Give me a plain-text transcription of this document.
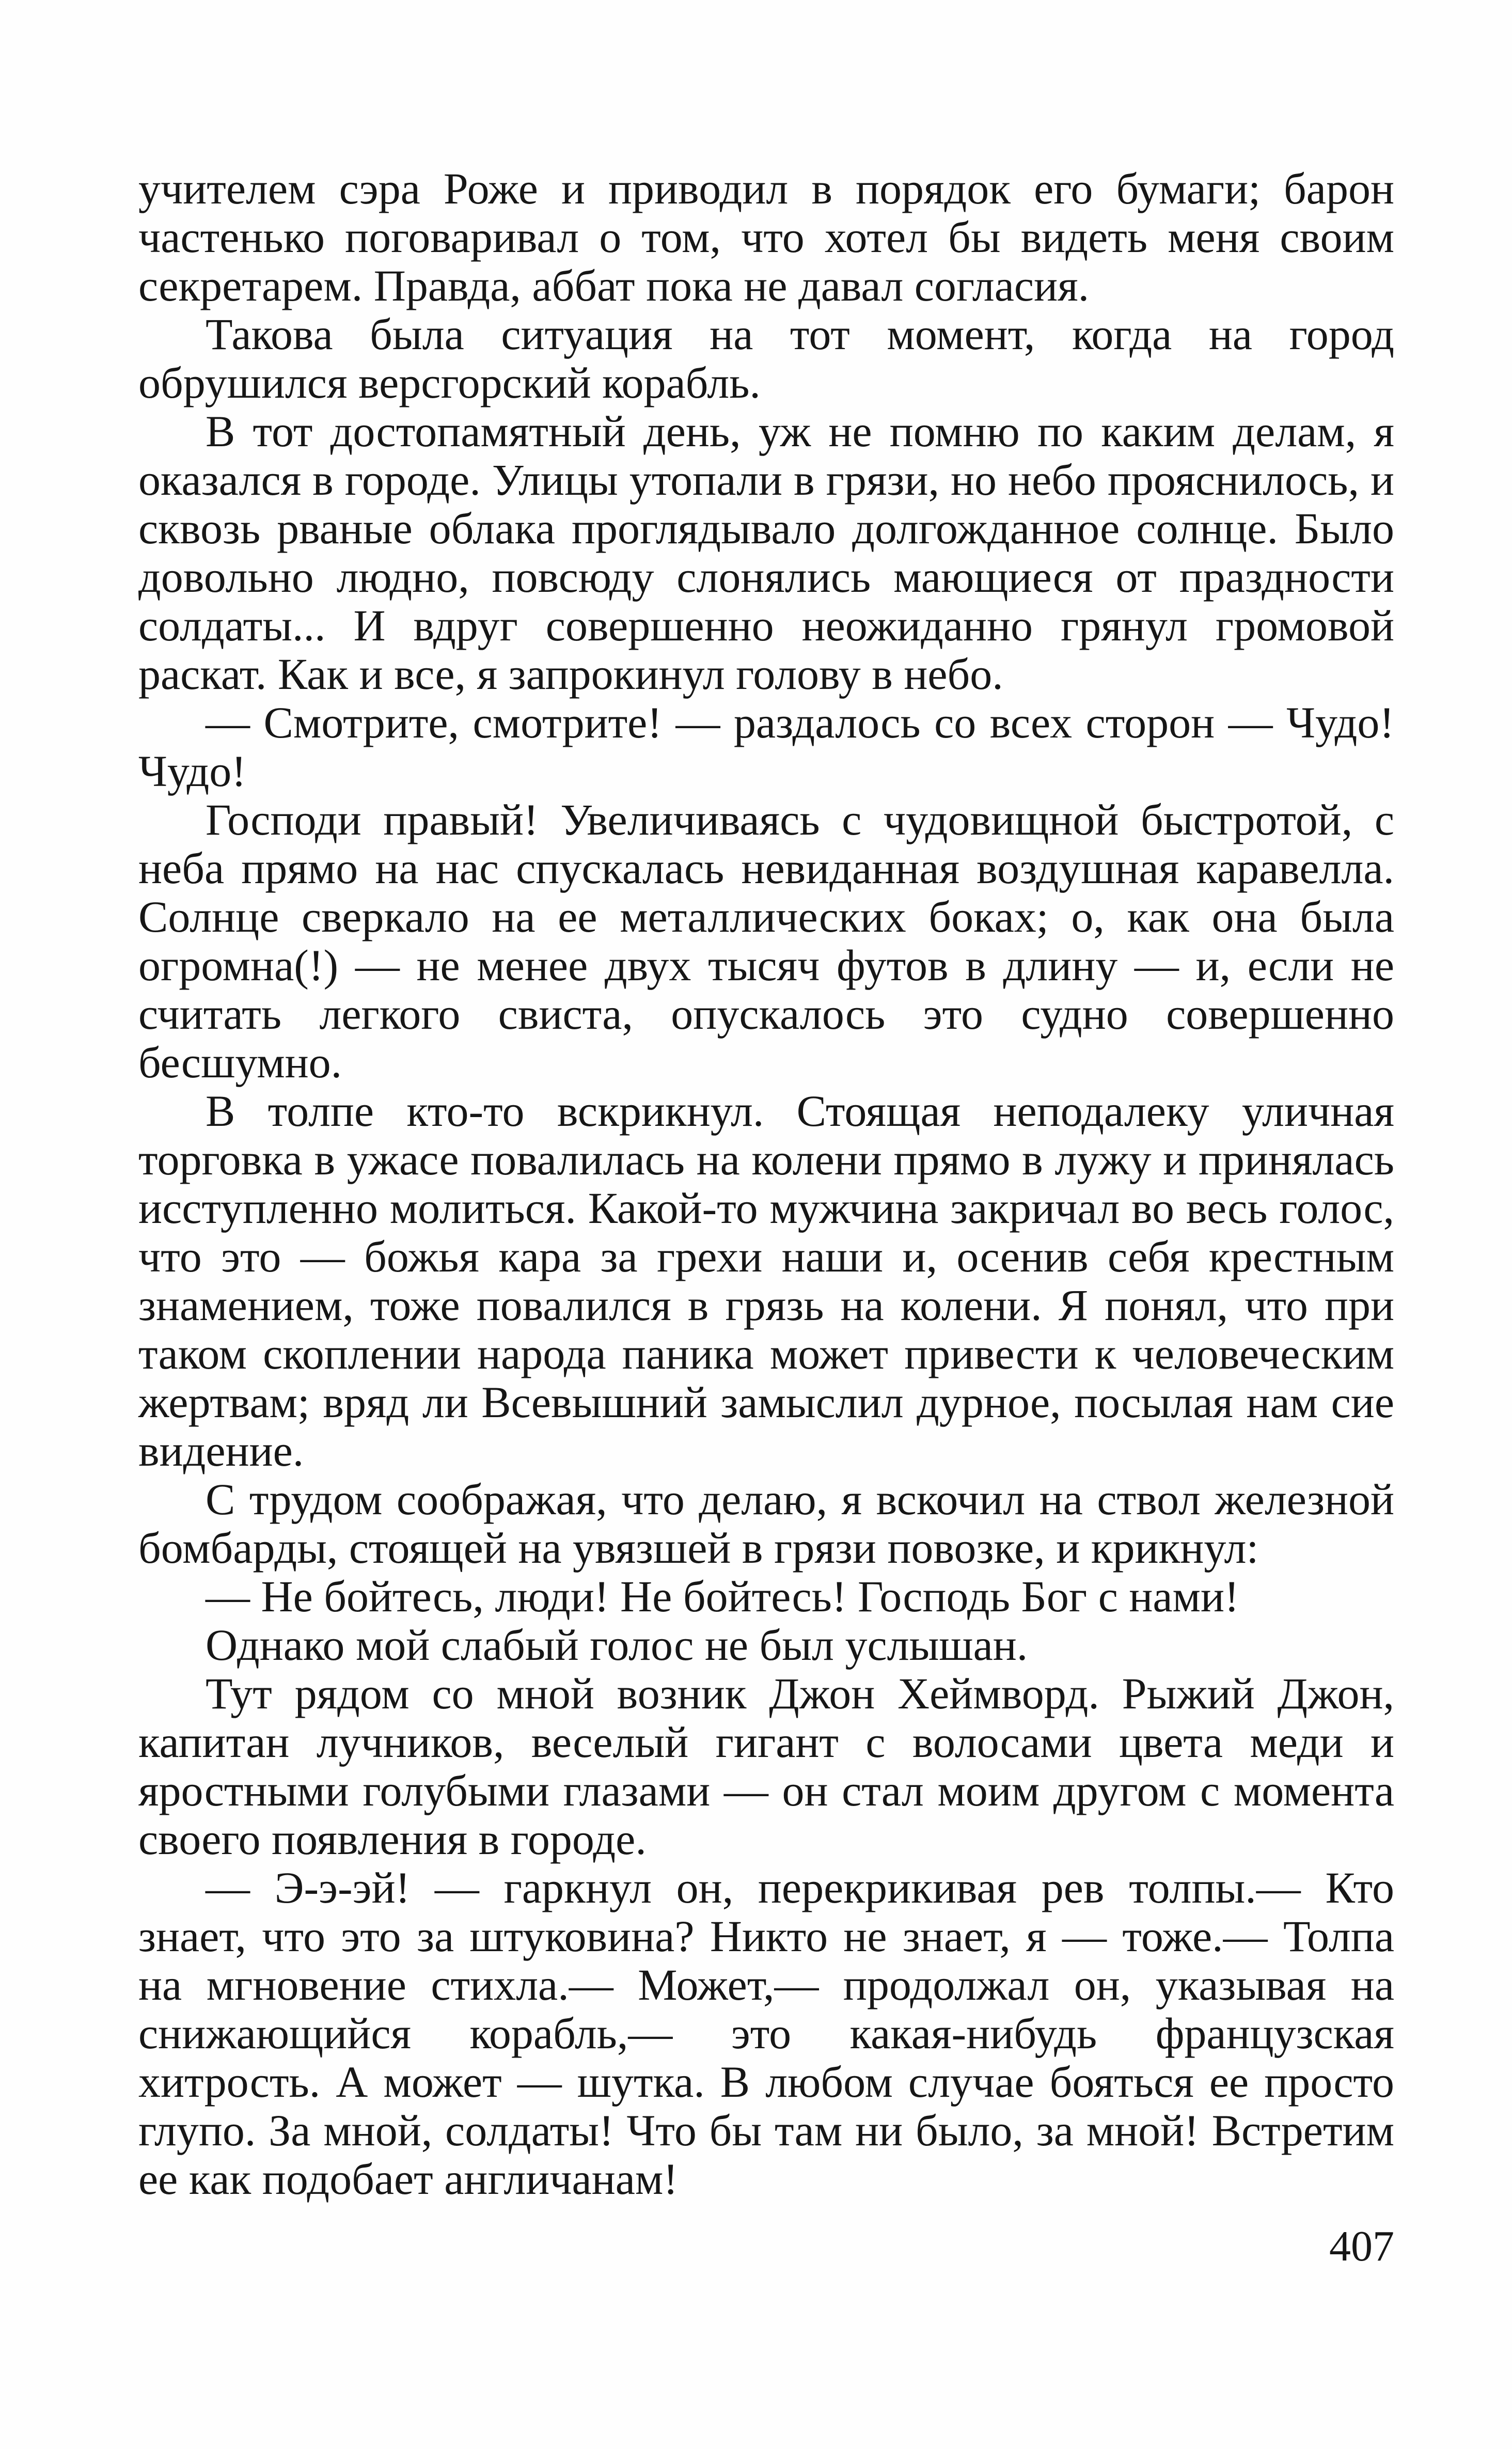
учителем сэра Роже и приводил в порядок его бумаги; барон частенько поговаривал о том, что хотел бы видеть меня своим секретарем. Правда, аббат пока не давал согласия.

Такова была ситуация на тот момент, когда на город обрушился версгорский корабль.

В тот достопамятный день, уж не помню по каким делам, я оказался в городе. Улицы утопали в грязи, но небо прояснилось, и сквозь рваные облака проглядывало долгожданное солнце. Было довольно людно, повсюду слонялись мающиеся от праздности солдаты... И вдруг совершенно неожиданно грянул громовой раскат. Как и все, я запрокинул голову в небо.

— Смотрите, смотрите! — раздалось со всех сторон — Чудо! Чудо!

Господи правый! Увеличиваясь с чудовищной быстротой, с неба прямо на нас спускалась невиданная воздушная каравелла. Солнце сверкало на ее металлических боках; о, как она была огромна(!) — не менее двух тысяч футов в длину — и, если не считать легкого свиста, опускалось это судно совершенно бесшумно.

В толпе кто-то вскрикнул. Стоящая неподалеку уличная торговка в ужасе повалилась на колени прямо в лужу и принялась исступленно молиться. Какой-то мужчина закричал во весь голос, что это — божья кара за грехи наши и, осенив себя крестным знамением, тоже повалился в грязь на колени. Я понял, что при таком скоплении народа паника может привести к человеческим жертвам; вряд ли Всевышний замыслил дурное, посылая нам сие видение.

С трудом соображая, что делаю, я вскочил на ствол железной бомбарды, стоящей на увязшей в грязи повозке, и крикнул:

— Не бойтесь, люди! Не бойтесь! Господь Бог с нами!

Однако мой слабый голос не был услышан.

Тут рядом со мной возник Джон Хеймворд. Рыжий Джон, капитан лучников, веселый гигант с волосами цвета меди и яростными голубыми глазами — он стал моим другом с момента своего появления в городе.

— Э-э-эй! — гаркнул он, перекрикивая рев толпы.— Кто знает, что это за штуковина? Никто не знает, я — тоже.— Толпа на мгновение стихла.— Может,— продолжал он, указывая на снижающийся корабль,— это какая-нибудь французская хитрость. А может — шутка. В любом случае бояться ее просто глупо. За мной, солдаты! Что бы там ни было, за мной! Встретим ее как подобает англичанам!

407
